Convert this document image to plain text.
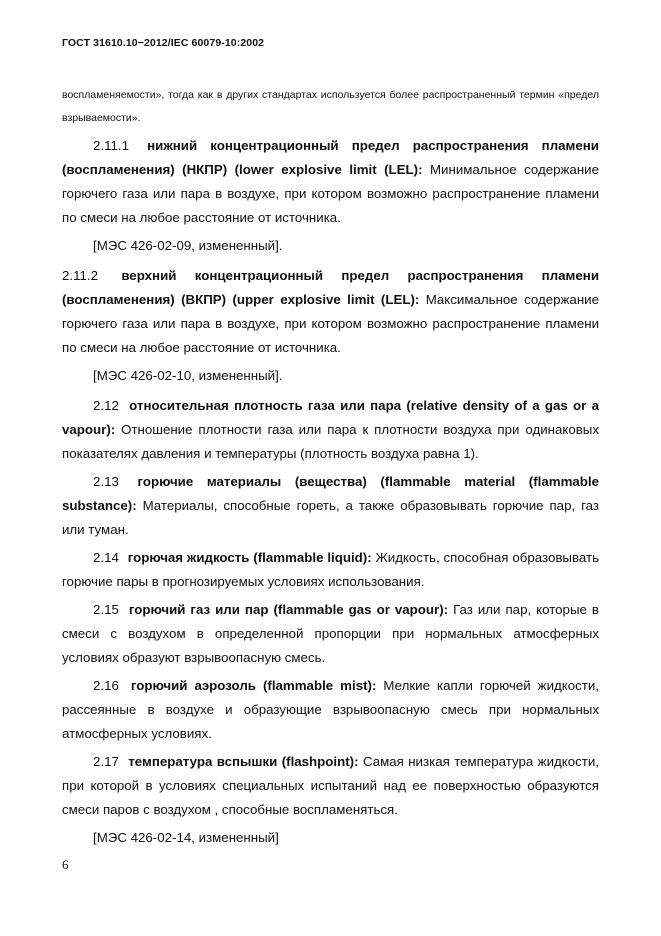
ГОСТ 31610.10−2012/IEC 60079-10:2002
воспламеняемости», тогда как в других стандартах используется более распространенный термин «предел взрываемости».

2.11.1 нижний концентрационный предел распространения пламени (воспламенения) (НКПР) (lower explosive limit (LEL): Минимальное содержание горючего газа или пара в воздухе, при котором возможно распространение пламени по смеси на любое расстояние от источника.

[МЭС 426-02-09, измененный].

2.11.2 верхний концентрационный предел распространения пламени (воспламенения) (ВКПР) (upper explosive limit (LEL): Максимальное содержание горючего газа или пара в воздухе, при котором возможно распространение пламени по смеси на любое расстояние от источника.

[МЭС 426-02-10, измененный].

2.12 относительная плотность газа или пара (relative density of a gas or a vapour): Отношение плотности газа или пара к плотности воздуха при одинаковых показателях давления и температуры (плотность воздуха равна 1).

2.13 горючие материалы (вещества) (flammable material (flammable substance): Материалы, способные гореть, а также образовывать горючие пар, газ или туман.

2.14 горючая жидкость (flammable liquid): Жидкость, способная образовывать горючие пары в прогнозируемых условиях использования.

2.15 горючий газ или пар (flammable gas or vapour): Газ или пар, которые в смеси с воздухом в определенной пропорции при нормальных атмосферных условиях образуют взрывоопасную смесь.

2.16 горючий аэрозоль (flammable mist): Мелкие капли горючей жидкости, рассеянные в воздухе и образующие взрывоопасную смесь при нормальных атмосферных условиях.

2.17 температура вспышки (flashpoint): Самая низкая температура жидкости, при которой в условиях специальных испытаний над ее поверхностью образуются смеси паров с воздухом , способные воспламеняться.

[МЭС 426-02-14, измененный]

6
